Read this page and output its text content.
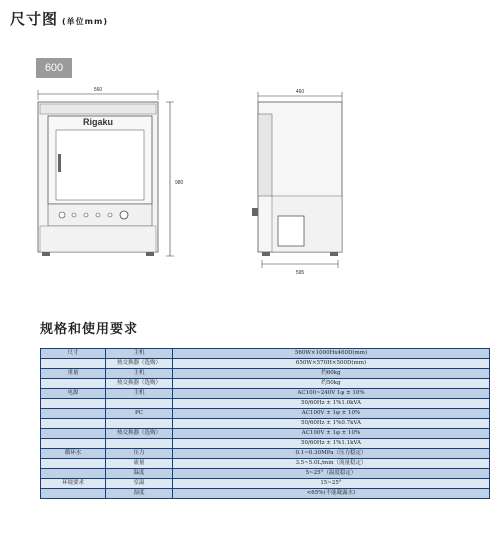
尺寸图 (单位mm)
600
560
980
Rigaku
460
595
规格和使用要求
尺寸	主机	560W×1000Hx460D(mm)
	热交换器（选购）	650W×570H×500D(mm)
重量	主机	约60kg
	热交换器（选购）	约50kg
电源	主机	AC100~240V 1φ ± 10%
		50/60Hz ± 1%1.0kVA
	PC	AC100V ± 1φ ± 10%
		50/60Hz ± 1%0.7kVA
	热交换器（选购）	AC100V ± 1φ ± 10%
		50/60Hz ± 1%1.1kVA
循环水	压力	0.1~0.30MPa（压力稳定）
	流量	3.5~5.0L/min（流量稳定）
	温度	5~25°（温度稳定）
环境要求	室温	15~25°
	湿度	<65%(不能凝露水)
